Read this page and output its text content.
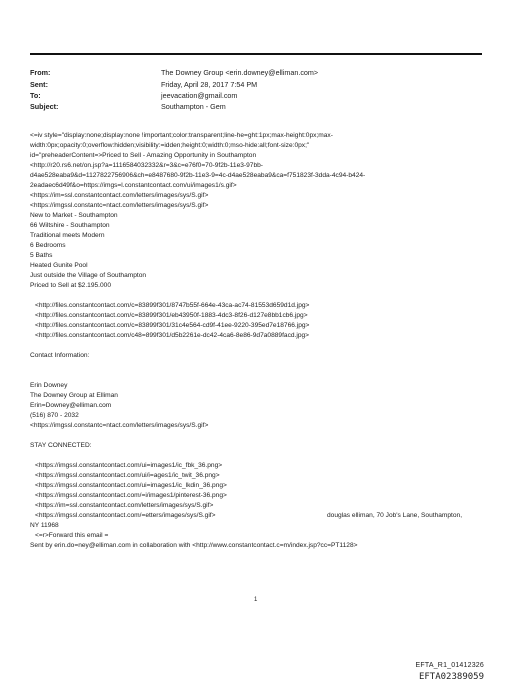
From:	The Downey Group <erin.downey@elliman.com>
Sent:	Friday, April 28, 2017 7:54 PM
To:	jeevacation@gmail.com
Subject:	Southampton - Gem
<=iv style="display:none;display:none !important;color:transparent;line-he=ght:1px;max-height:0px;max-
width:0px;opacity:0;overflow:hidden;visibility:=idden;height:0;width:0;mso-hide:all;font-size:0px;"
id="preheaderContent=>Priced to Sell - Amazing Opportunity in Southampton
<http://r20.rs6.net/on.jsp?a=1116584032332&r=3&c=e76f0=70-9f2b-11e3-97bb-
d4ae528eaba9&d=1127822756906&ch=e8487680-9f2b-11e3-9=4c-d4ae528eaba9&ca=f751823f-3dda-4c94-b424-
2eadaec6d49f&o=https://imgs=l.constantcontact.com/ui/images1/s.gif>
<https://im=ssl.constantcontact.com/letters/images/sys/S.gif>
<https://imgssl.constantc=ntact.com/letters/images/sys/S.gif>
New to Market - Southampton
66 Wiltshire - Southampton
Traditional meets Modern
6 Bedrooms
5 Baths
Heated Gunite Pool
Just outside the Village of Southampton
Priced to Sell at $2.195.000
<http://files.constantcontact.com/c=83899f301/8747b55f-664e-43ca-ac74-81553d659d1d.jpg>
<http://files.constantcontact.com/c=83899f301/eb43950f-1883-4dc3-8f26-d127e8bb1cb6.jpg>
<http://files.constantcontact.com/c=83899f301/31c4e564-cd9f-41ee-9220-395ed7e18766.jpg>
<http://files.constantcontact.com/c48=899f301/d5b2261e-dc42-4ca6-8e86-9d7a0889facd.jpg>
Contact Information:
Erin Downey
The Downey Group at Elliman
Erin=Downey@elliman.com
(516) 870 - 2032
<https://imgssl.constantc=ntact.com/letters/images/sys/S.gif>
STAY CONNECTED:
<https://imgssl.constantcontact.com/ui=images1/ic_fbk_36.png>
<https://imgssl.constantcontact.com/ui/i=ages1/ic_twit_36.png>
<https://imgssl.constantcontact.com/ui=images1/ic_lkdin_36.png>
<https://imgssl.constantcontact.com/=i/images1/pinterest-36.png>
<https://im=ssl.constantcontact.com/letters/images/sys/S.gif>
<https://imgssl.constantcontact.com/=etters/images/sys/S.gif>	douglas elliman, 70 Job's Lane, Southampton,
NY 11968
<=r>Forward this email =
Sent by erin.do=ney@elliman.com in collaboration with <http://www.constantcontact.c=m/index.jsp?cc=PT1128>
1
EFTA_R1_01412326
EFTA02389059
